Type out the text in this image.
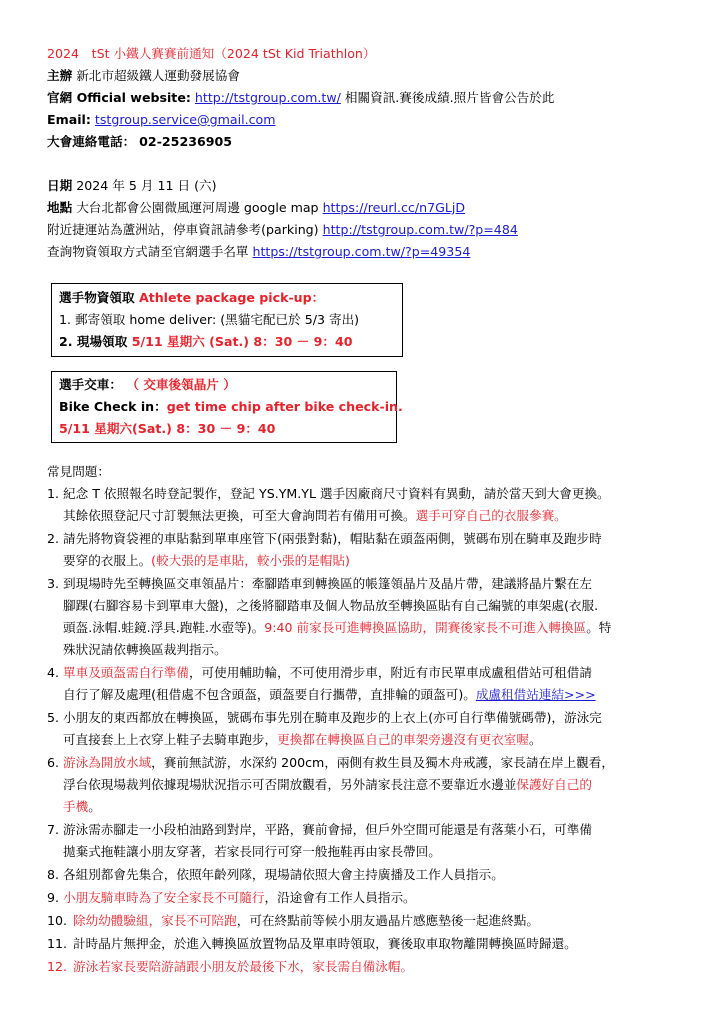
2024　tSt 小鐵人賽賽前通知（2024 tSt Kid Triathlon）
主辦 新北市超級鐵人運動發展協會
官網 Official website: http://tstgroup.com.tw/ 相關資訊.賽後成績.照片皆會公告於此
Email: tstgroup.service@gmail.com
大會連絡電話： 02-25236905
日期 2024 年 5 月 11 日 (六)
地點 大台北都會公園微風運河周邊 google map https://reurl.cc/n7GLjD
附近捷運站為蘆洲站，停車資訊請參考(parking) http://tstgroup.com.tw/?p=484
查詢物資領取方式請至官網選手名單 https://tstgroup.com.tw/?p=49354
選手物資領取 Athlete package pick-up：
1. 郵寄領取 home deliver: (黑貓宅配已於 5/3 寄出)
2. 現場領取 5/11 星期六 (Sat.) 8：30 － 9：40
選手交車： （ 交車後領晶片 ）
Bike Check in：get time chip after bike check-in.
5/11 星期六(Sat.) 8：30 － 9：40
常見問題：
1. 紀念 T 依照報名時登記製作，登記 YS.YM.YL 選手因廠商尺寸資料有異動，請於當天到大會更換。
其餘依照登記尺寸訂製無法更換，可至大會詢問若有備用可換。選手可穿自己的衣服參賽。
2. 請先將物資袋裡的車貼黏到單車座管下(兩張對黏)，帽貼黏在頭盔兩側，號碼布別在騎車及跑步時
要穿的衣服上。(較大張的是車貼，較小張的是帽貼)
3. 到現場時先至轉換區交車領晶片：牽腳踏車到轉換區的帳篷領晶片及晶片帶，建議將晶片繫在左
腳踝(右腳容易卡到單車大盤)，之後將腳踏車及個人物品放至轉換區貼有自己編號的車架處(衣服.
頭盔.泳帽.蛙鏡.浮具.跑鞋.水壺等)。9:40 前家長可進轉換區協助，開賽後家長不可進入轉換區。特
殊狀況請依轉換區裁判指示。
4. 單車及頭盔需自行準備，可使用輔助輪，不可使用滑步車，附近有市民單車成盧租借站可租借請
自行了解及處理(租借處不包含頭盔，頭盔要自行攜帶，直排輪的頭盔可)。成盧租借站連結>>>
5. 小朋友的東西都放在轉換區，號碼布事先別在騎車及跑步的上衣上(亦可自行準備號碼帶)，游泳完
可直接套上上衣穿上鞋子去騎車跑步，更換都在轉換區自己的車架旁邊沒有更衣室喔。
6. 游泳為開放水域，賽前無試游，水深約 200cm，兩側有救生員及獨木舟戒護，家長請在岸上觀看，
浮台依現場裁判依據現場狀況指示可否開放觀看，另外請家長注意不要靠近水邊並保護好自己的
手機。
7. 游泳需赤腳走一小段柏油路到對岸，平路，賽前會掃，但戶外空間可能還是有落葉小石，可準備
拋棄式拖鞋讓小朋友穿著，若家長同行可穿一般拖鞋再由家長帶回。
8. 各組別都會先集合，依照年齡列隊，現場請依照大會主持廣播及工作人員指示。
9. 小朋友騎車時為了安全家長不可隨行，沿途會有工作人員指示。
10. 除幼幼體驗組，家長不可陪跑，可在終點前等候小朋友過晶片感應墊後一起進終點。
11. 計時晶片無押金，於進入轉換區放置物品及單車時領取，賽後取車取物離開轉換區時歸還。
12. 游泳若家長要陪游請跟小朋友於最後下水，家長需自備泳帽。
